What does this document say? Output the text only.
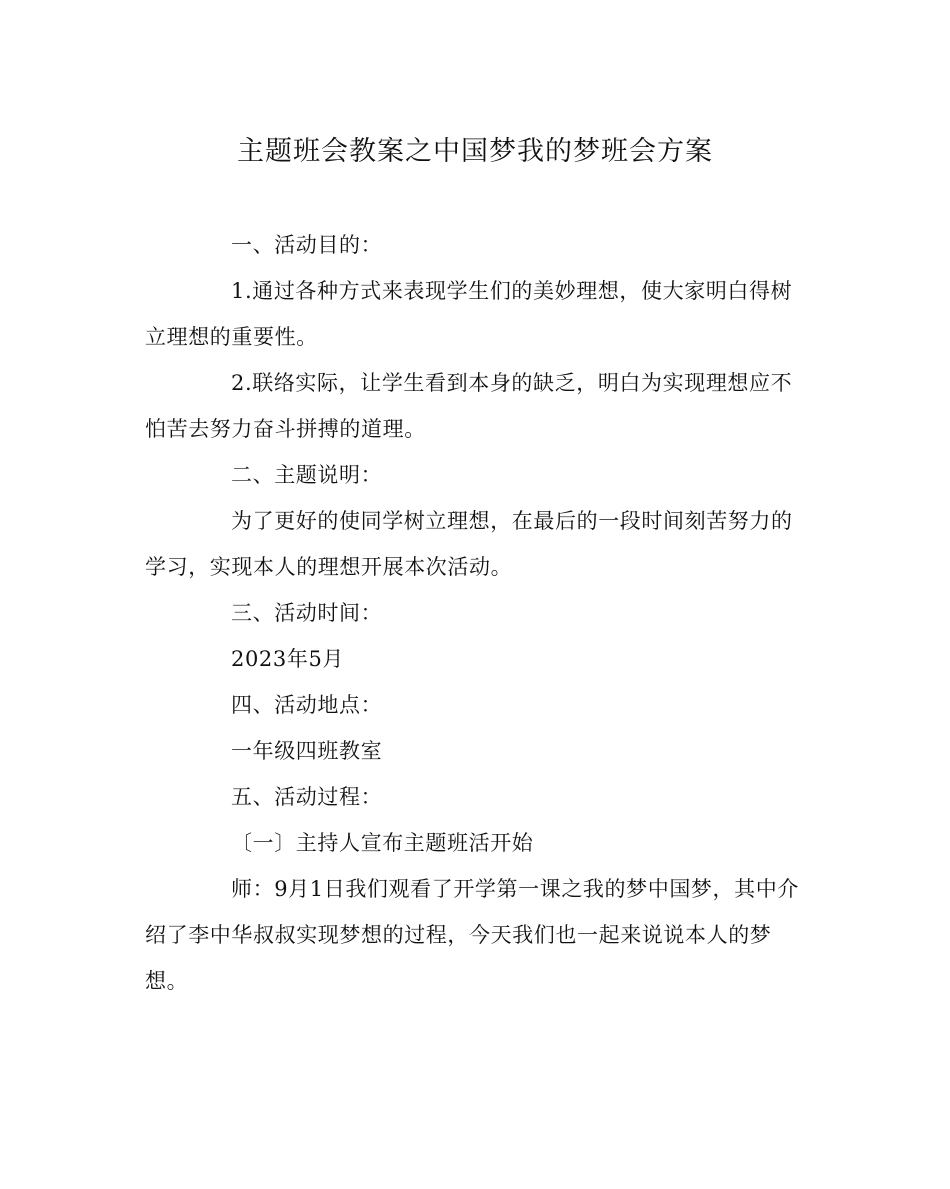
主题班会教案之中国梦我的梦班会方案

一、活动目的：

1.通过各种方式来表现学生们的美妙理想，使大家明白得树立理想的重要性。

2.联络实际，让学生看到本身的缺乏，明白为实现理想应不怕苦去努力奋斗拼搏的道理。

二、主题说明：

为了更好的使同学树立理想，在最后的一段时间刻苦努力的学习，实现本人的理想开展本次活动。

三、活动时间：

2023年5月

四、活动地点：

一年级四班教室

五、活动过程：

〔一〕主持人宣布主题班活开始

师：9月1日我们观看了开学第一课之我的梦中国梦，其中介绍了李中华叔叔实现梦想的过程，今天我们也一起来说说本人的梦想。
